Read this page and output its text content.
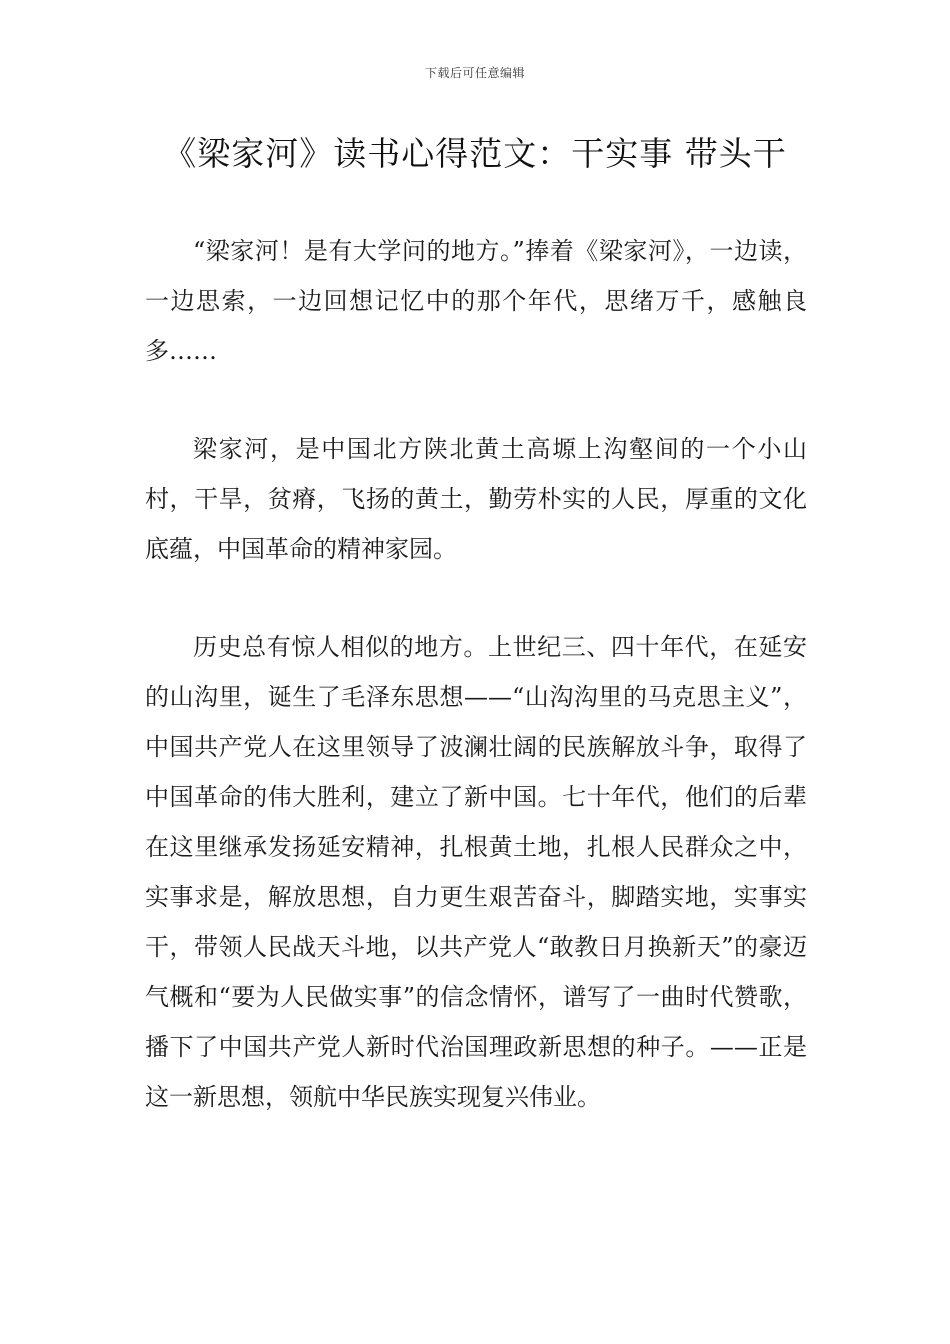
下载后可任意编辑
《梁家河》读书心得范文：干实事 带头干

“梁家河！是有大学问的地方。”捧着《梁家河》，一边读，一边思索，一边回想记忆中的那个年代，思绪万千，感触良多……

梁家河，是中国北方陕北黄土高塬上沟壑间的一个小山村，干旱，贫瘠，飞扬的黄土，勤劳朴实的人民，厚重的文化底蕴，中国革命的精神家园。

历史总有惊人相似的地方。上世纪三、四十年代，在延安的山沟里，诞生了毛泽东思想——“山沟沟里的马克思主义”，中国共产党人在这里领导了波澜壮阔的民族解放斗争，取得了中国革命的伟大胜利，建立了新中国。七十年代，他们的后辈在这里继承发扬延安精神，扎根黄土地，扎根人民群众之中，实事求是，解放思想，自力更生艰苦奋斗，脚踏实地，实事实干，带领人民战天斗地，以共产党人“敢教日月换新天”的豪迈气概和“要为人民做实事”的信念情怀，谱写了一曲时代赞歌，播下了中国共产党人新时代治国理政新思想的种子。——正是这一新思想，领航中华民族实现复兴伟业。
